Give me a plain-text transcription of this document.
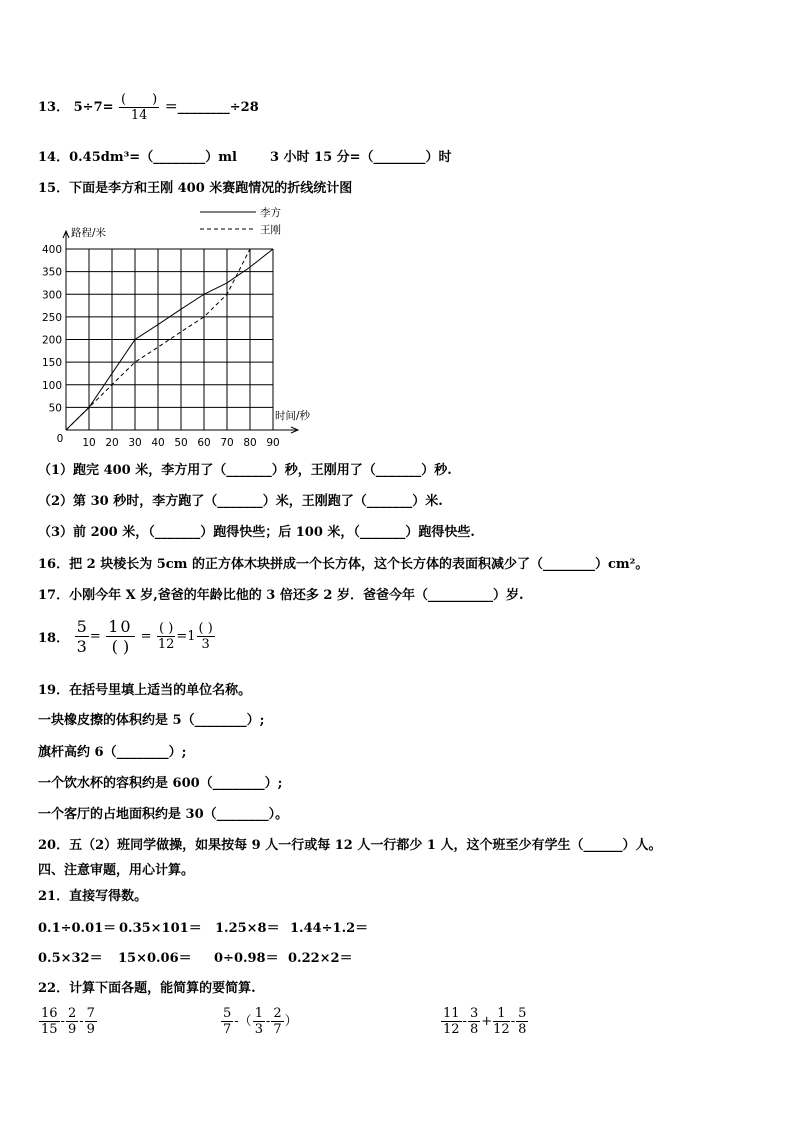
13． $5\div 7= \frac{( )}{14}$ ＝________÷28
14．0.45dm³=（________）ml	3 小时 15 分=（________）时
15．下面是李方和王刚 400 米赛跑情况的折线统计图
50
100
150
200
250
300
350
400
10 20 30 40 50 60 70 80 90
0
路程/米
时间/秒
李方
王刚
（1）跑完 400 米，李方用了（_______）秒，王刚用了（_______）秒.
（2）第 30 秒时，李方跑了（_______）米，王刚跑了（_______）米.
（3）前 200 米，（_______）跑得快些；后 100 米，（_______）跑得快些.
16．把 2 块棱长为 5cm 的正方体木块拼成一个长方体，这个长方体的表面积减少了（________）cm²。
17．小刚今年 X 岁,爸爸的年龄比他的 3 倍还多 2 岁．爸爸今年（__________）岁.
18． $\frac{5}{3} = \frac{10}{( )} = \frac{( )}{12} =1 \frac{( )}{3}$
19．在括号里填上适当的单位名称。
一块橡皮擦的体积约是 5（________）;
旗杆高约 6（________）;
一个饮水杯的容积约是 600（________）;
一个客厅的占地面积约是 30（________）。
20．五（2）班同学做操，如果按每 9 人一行或每 12 人一行都少 1 人，这个班至少有学生（______）人。
四、注意审题，用心计算。
21．直接写得数。
0.1÷0.01＝ 0.35×101＝ 1.25×8＝ 1.44÷1.2＝
0.5×32＝ 15×0.06＝ 0÷0.98＝ 0.22×2＝
22．计算下面各题，能简算的要简算.
$\frac{16}{15} - \frac{2}{9} - \frac{7}{9}$	$\frac{5}{7}$ -（ $\frac{1}{3} - \frac{2}{7}$ ）	$\frac{11}{12} - \frac{3}{8} + \frac{1}{12} - \frac{5}{8}$
